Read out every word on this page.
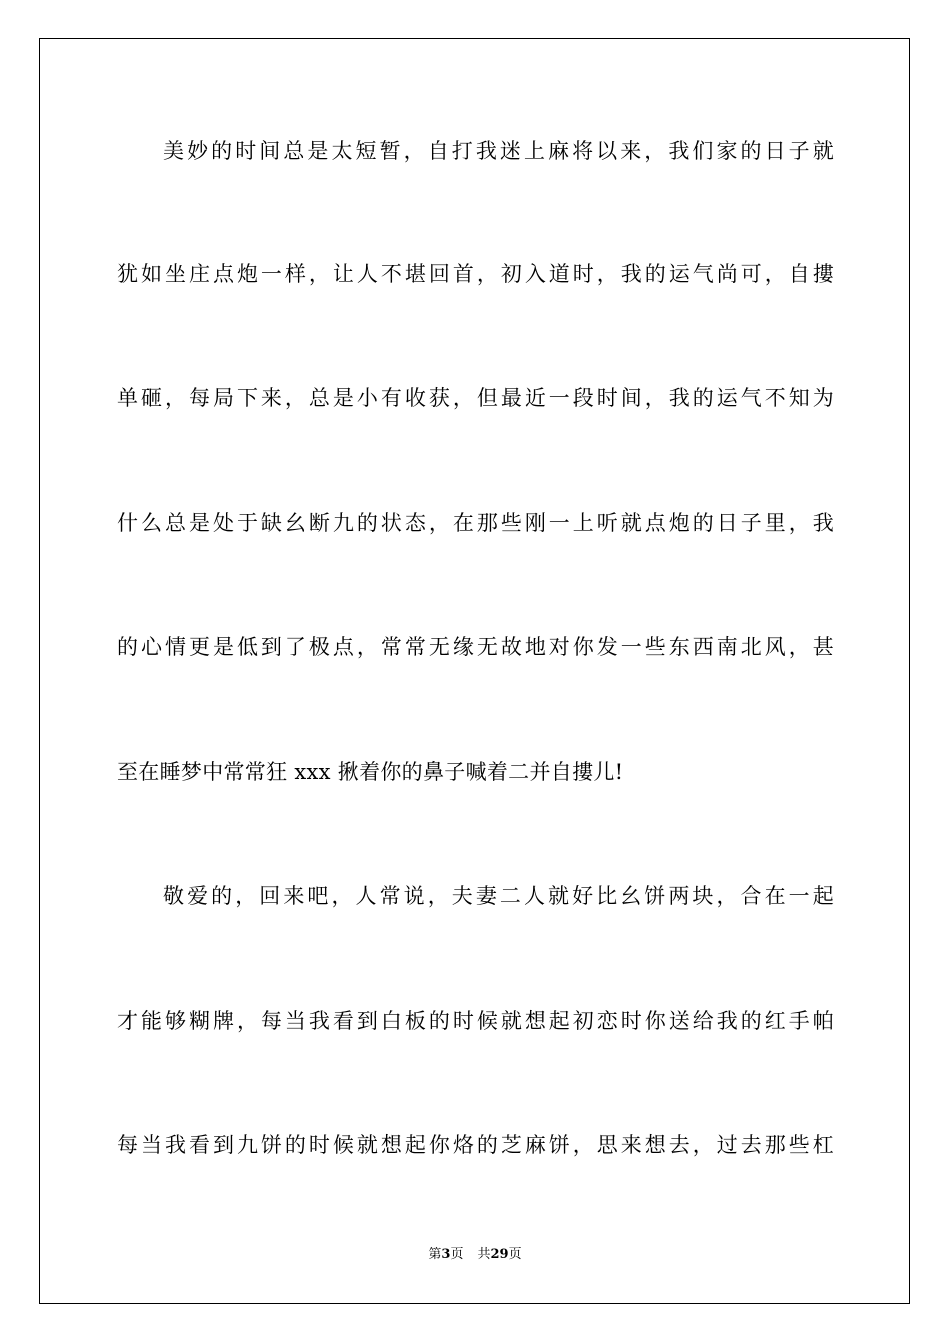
美妙的时间总是太短暂，自打我迷上麻将以来，我们家的日子就
犹如坐庄点炮一样，让人不堪回首，初入道时，我的运气尚可，自摟
单砸，每局下来，总是小有收获，但最近一段时间，我的运气不知为
什么总是处于缺幺断九的状态，在那些刚一上听就点炮的日子里，我
的心情更是低到了极点，常常无缘无故地对你发一些东西南北风，甚
至在睡梦中常常狂 xxx 揪着你的鼻子喊着二并自摟儿!
敬爱的，回来吧，人常说，夫妻二人就好比幺饼两块，合在一起
才能够糊牌，每当我看到白板的时候就想起初恋时你送给我的红手帕
每当我看到九饼的时候就想起你烙的芝麻饼，思来想去，过去那些杠
第3页 共29页
